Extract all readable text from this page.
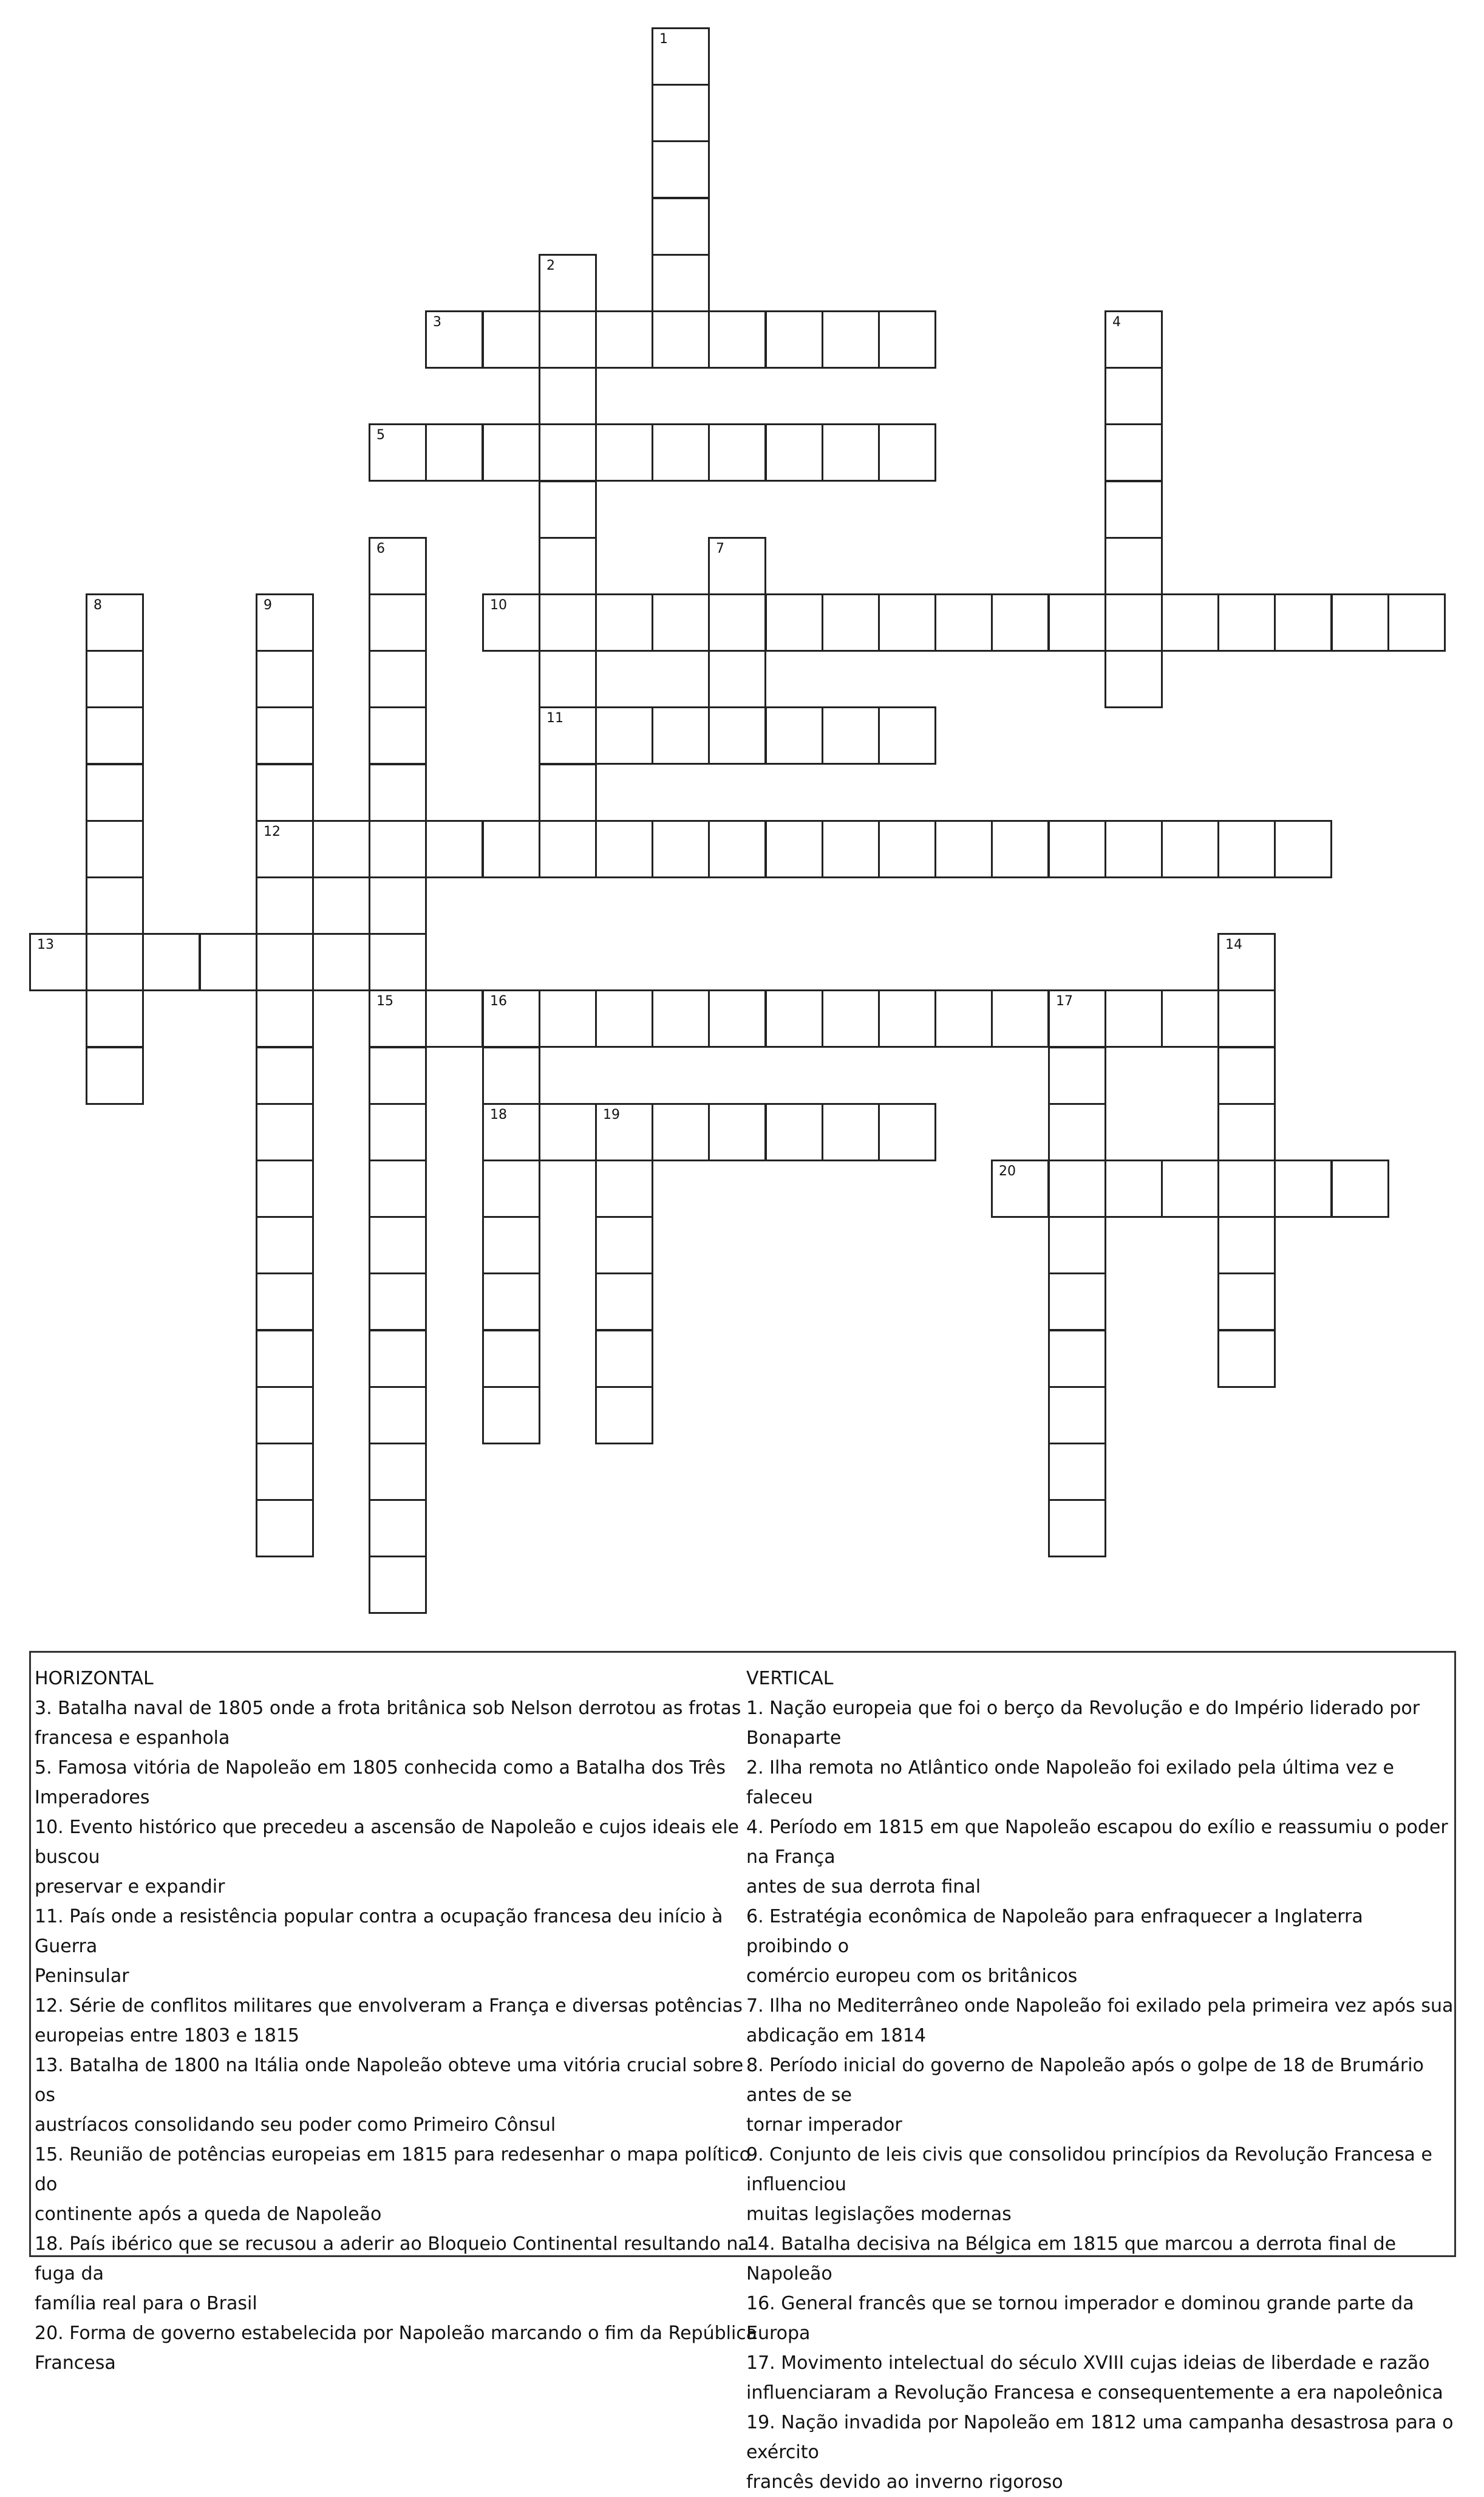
1
2
3	4
5
6	7
8	9	10
11
12
13	14
15	16	17
18	19
20
HORIZONTAL
3. Batalha naval de 1805 onde a frota britânica sob Nelson derrotou as frotas
francesa e espanhola
5. Famosa vitória de Napoleão em 1805 conhecida como a Batalha dos Três
Imperadores
10. Evento histórico que precedeu a ascensão de Napoleão e cujos ideais ele buscou
preservar e expandir
11. País onde a resistência popular contra a ocupação francesa deu início à Guerra
Peninsular
12. Série de conflitos militares que envolveram a França e diversas potências
europeias entre 1803 e 1815
13. Batalha de 1800 na Itália onde Napoleão obteve uma vitória crucial sobre os
austríacos consolidando seu poder como Primeiro Cônsul
15. Reunião de potências europeias em 1815 para redesenhar o mapa político do
continente após a queda de Napoleão
18. País ibérico que se recusou a aderir ao Bloqueio Continental resultando na fuga da
família real para o Brasil
20. Forma de governo estabelecida por Napoleão marcando o fim da República
Francesa
VERTICAL
1. Nação europeia que foi o berço da Revolução e do Império liderado por Bonaparte
2. Ilha remota no Atlântico onde Napoleão foi exilado pela última vez e faleceu
4. Período em 1815 em que Napoleão escapou do exílio e reassumiu o poder na França
antes de sua derrota final
6. Estratégia econômica de Napoleão para enfraquecer a Inglaterra proibindo o
comércio europeu com os britânicos
7. Ilha no Mediterrâneo onde Napoleão foi exilado pela primeira vez após sua
abdicação em 1814
8. Período inicial do governo de Napoleão após o golpe de 18 de Brumário antes de se
tornar imperador
9. Conjunto de leis civis que consolidou princípios da Revolução Francesa e influenciou
muitas legislações modernas
14. Batalha decisiva na Bélgica em 1815 que marcou a derrota final de Napoleão
16. General francês que se tornou imperador e dominou grande parte da Europa
17. Movimento intelectual do século XVIII cujas ideias de liberdade e razão
influenciaram a Revolução Francesa e consequentemente a era napoleônica
19. Nação invadida por Napoleão em 1812 uma campanha desastrosa para o exército
francês devido ao inverno rigoroso
